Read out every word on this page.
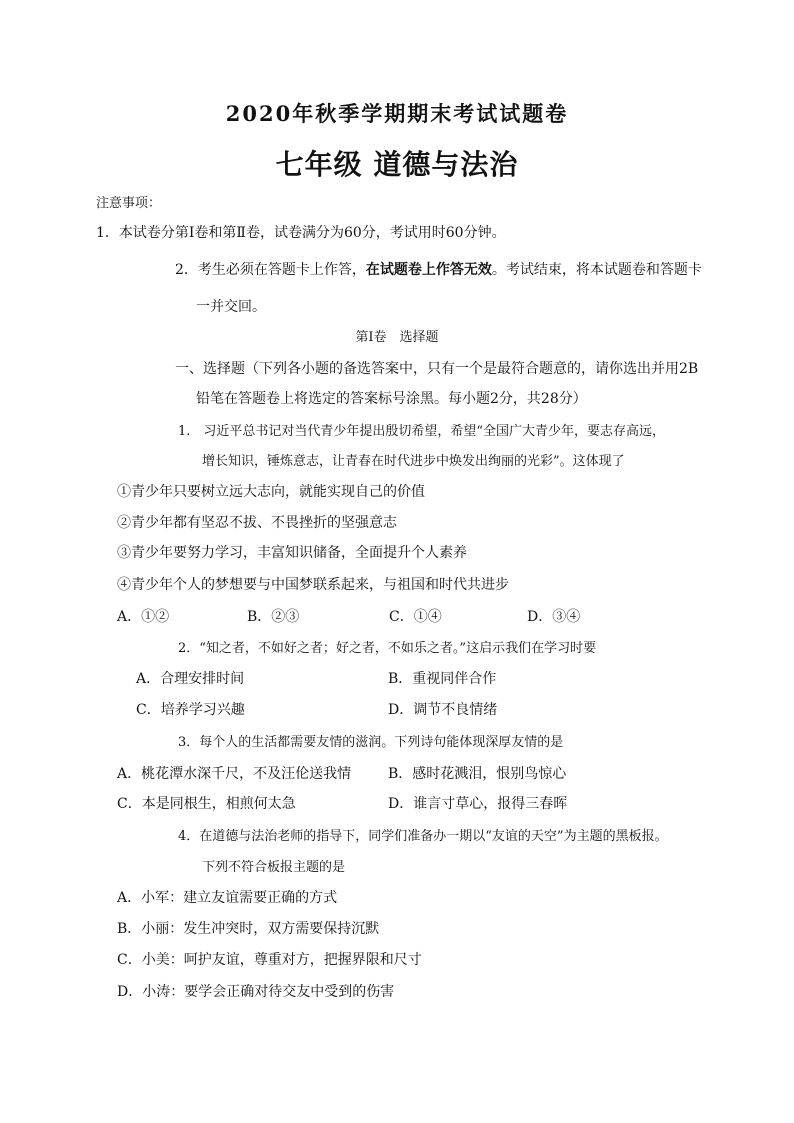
2020年秋季学期期末考试试题卷
七年级 道德与法治
注意事项：
1．本试卷分第Ⅰ卷和第Ⅱ卷，试卷满分为60分，考试用时60分钟。
2．考生必须在答题卡上作答，在试题卷上作答无效。考试结束，将本试题卷和答题卡
一并交回。
第Ⅰ卷　选择题
一、选择题（下列各小题的备选答案中，只有一个是最符合题意的，请你选出并用2B
铅笔在答题卷上将选定的答案标号涂黑。每小题2分，共28分）
1.　习近平总书记对当代青少年提出殷切希望，希望“全国广大青少年，要志存高远，
增长知识，锤炼意志，让青春在时代进步中焕发出绚丽的光彩”。这体现了
①青少年只要树立远大志向，就能实现自己的价值
②青少年都有坚忍不拔、不畏挫折的坚强意志
③青少年要努力学习，丰富知识储备，全面提升个人素养
④青少年个人的梦想要与中国梦联系起来，与祖国和时代共进步
A．①②	B．②③	C．①④	D．③④
2．“知之者，不如好之者；好之者，不如乐之者。”这启示我们在学习时要
A．合理安排时间	B．重视同伴合作
C．培养学习兴趣	D．调节不良情绪
3．每个人的生活都需要友情的滋润。下列诗句能体现深厚友情的是
A．桃花潭水深千尺，不及汪伦送我情	B．感时花溅泪，恨别鸟惊心
C．本是同根生，相煎何太急	D．谁言寸草心，报得三春晖
4．在道德与法治老师的指导下，同学们准备办一期以“友谊的天空”为主题的黑板报。
下列不符合板报主题的是
A．小军：建立友谊需要正确的方式
B．小丽：发生冲突时，双方需要保持沉默
C．小美：呵护友谊，尊重对方，把握界限和尺寸
D．小涛：要学会正确对待交友中受到的伤害
